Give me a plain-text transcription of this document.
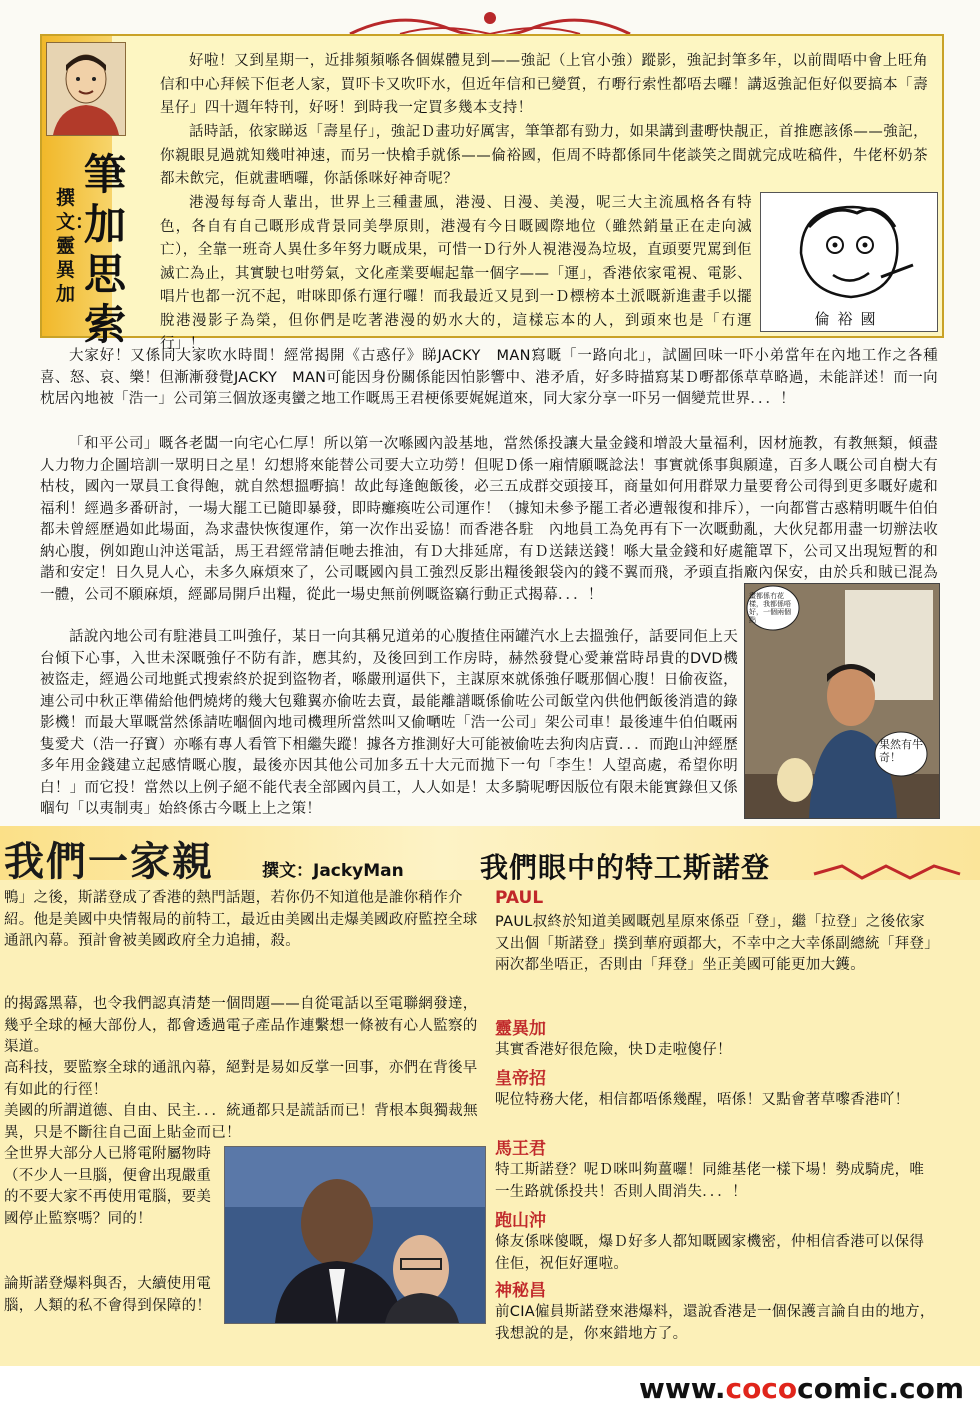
筆加思索
撰文：靈異加

好啦！又到星期一，近排頻頻喺各個媒體見到——強記（上官小強）蹤影，強記封筆多年，以前間唔中會上旺角信和中心拜候下佢老人家，買吓卡又吹吓水，但近年信和已變質，冇嘢行索性都唔去囉！講返強記佢好似要搞本「壽星仔」四十週年特刊，好呀！到時我一定買多幾本支持！

話時話，依家睇返「壽星仔」，強記Ｄ畫功好厲害，筆筆都有勁力，如果講到畫嘢快靚正，首推應該係——強記，你親眼見過就知幾咁神速，而另一快槍手就係——倫裕國，佢周不時都係同牛佬談笑之間就完成咗稿件，牛佬杯奶茶都未飲完，佢就畫晒囉，你話係咪好神奇呢？

港漫每每奇人輩出，世界上三種畫風，港漫、日漫、美漫，呢三大主流風格各有特色，各自有自己嘅形成背景同美學原則，港漫有今日嘅國際地位（雖然銷量正在走向滅亡），全靠一班奇人異仕多年努力嘅成果，可惜一Ｄ行外人視港漫為垃圾，直頭要咒罵到佢滅亡為止，其實駛乜咁勞氣，文化產業要崛起靠一個字——「運」，香港依家電視、電影、唱片也都一沉不起，咁咪即係冇運行囉！而我最近又見到一Ｄ標榜本土派嘅新進畫手以擺脫港漫影子為榮，但你們是吃著港漫的奶水大的，這樣忘本的人，到頭來也是「冇運行」！

倫裕國

大家好！又係同大家吹水時間！經常揭開《古惑仔》睇JACKY　MAN寫嘅「一路向北」，試圖回味一吓小弟當年在內地工作之各種喜、怒、哀、樂！但漸漸發覺JACKY　MAN可能因身份關係能因怕影響中、港矛盾，好多時描寫某Ｄ嘢都係草草略過，未能詳述！而一向枕居內地被「浩一」公司第三個放逐夷蠻之地工作嘅馬王君梗係要娓娓道來，同大家分享一吓另一個變荒世界．．．！

「和平公司」嘅各老闆一向宅心仁厚！所以第一次喺國內設基地，當然係投讓大量金錢和增設大量福利，因材施教，有教無類，傾盡人力物力企圖培訓一眾明日之星！幻想將來能替公司要大立功勞！但呢Ｄ係一廂情願嘅諗法！事實就係事與願違，百多人嘅公司自樹大有枯枝，國內一眾員工食得飽，就自然想搵嘢搞！故此每逢飽飯後，必三五成群交頭接耳，商量如何用群眾力量要脅公司得到更多嘅好處和福利！經過多番研討，一場大罷工已隨即暴發，即時癱瘓咗公司運作！（據知未參予罷工者必遭報復和排斥），一向都嘗古惑精明嘅牛伯伯都未曾經歷過如此場面，為求盡快恢復運作，第一次作出妥協！而香港各駐　內地員工為免再有下一次嘅動亂，大伙兒都用盡一切辦法收納心腹，例如跑山沖送電話，馬王君經常請佢哋去推油，有Ｄ大排延席，有Ｄ送錶送錢！喺大量金錢和好處籠罩下，公司又出現短暫的和諧和安定！日久見人心，未多久麻煩來了，公司嘅國內員工強烈反影出糧後銀袋內的錢不翼而飛，矛頭直指廠內保安，由於兵和賊已混為一體，公司不願麻煩，經鄙局開戶出糧，從此一場史無前例嘅盜竊行動正式揭幕．．．！

話說內地公司有駐港員工叫強仔，某日一向其稱兄道弟的心腹揸住兩罐汽水上去搵強仔，話要同佢上天台傾下心事，入世未深嘅強仔不防有詐，應其約，及後回到工作房時，赫然發覺心愛兼當時昂貴的DVD機被盜走，經過公司地氈式搜索終於捉到盜物者，喺嚴刑逼供下，主謀原來就係強仔嘅那個心腹！日偷夜盜，連公司中秋正準備給他們燒烤的幾大包雞翼亦偷咗去賣，最能離譜嘅係偷咗公司飯堂內供他們飯後消遣的錄影機！而最大單嘅當然係請咗嗰個內地司機理所當然叫又偷嗮咗「浩一公司」架公司車！最後連牛伯伯嘅兩隻愛犬（浩一孖寶）亦喺有專人看管下相繼失蹤！據各方推測好大可能被偷咗去狗肉店賣．．．而跑山沖經歷多年用金錢建立起感情嘅心腹，最後亦因其他公司加多五十大元而拋下一句「李生！人望高處，希望你明白！」而它投！當然以上例子絕不能代表全部國內員工，人人如是！太多騎呢嘢因版位有限未能實錄但又係嗰句「以夷制夷」始終係古今嘅上上之策！

畫都係冇花樣，我都係唔好，一個兩個點
果然有牛奇！
我們一家親	撰文：JackyMan	我們眼中的特工斯諾登

鴨」之後，斯諾登成了香港的熱門話題，若你仍不知道他是誰你稍作介紹。他是美國中央情報局的前特工，最近由美國出走爆美國政府監控全球通訊內幕。預計會被美國政府全力追捕，殺。

的揭露黑幕，也令我們認真清楚一個問題——自從電話以至電聯網發達，幾乎全球的極大部份人，都會透過電子產品作連繫想一條被有心人監察的渠道。

高科技，要監察全球的通訊內幕，絕對是易如反掌一回事，亦們在背後早有如此的行徑！

美國的所謂道德、自由、民主．．．統通都只是謊話而已！背根本與獨裁無異，只是不斷往自己面上貼金而已！

全世界大部分人已將電附屬物時（不少人一旦腦，便會出現嚴重的不要大家不再使用電腦，要美國停止監察嗎？同的！

論斯諾登爆料與否，大續使用電腦，人類的私不會得到保障的！

PAUL

PAUL叔終於知道美國嘅剋星原來係亞「登」，繼「拉登」之後依家又出個「斯諾登」撲到華府頭都大，不幸中之大幸係副總統「拜登」兩次都坐唔正，否則由「拜登」坐正美國可能更加大鑊。

靈異加

其實香港好很危險，快Ｄ走啦傻仔！

皇帝招

呢位特務大佬，相信都唔係幾醒，唔係！又點會著草嚟香港吖！

馬王君

特工斯諾登？呢Ｄ咪叫夠薑囉！同維基佬一樣下場！勢成騎虎，唯一生路就係投共！否則人間消失．．．！

跑山沖

條友係咪傻嘅，爆Ｄ好多人都知嘅國家機密，仲相信香港可以保得住佢，祝佢好運啦。

神秘昌

前CIA僱員斯諾登來港爆料，還說香港是一個保護言論自由的地方，我想說的是，你來錯地方了。

www.cococomic.com
